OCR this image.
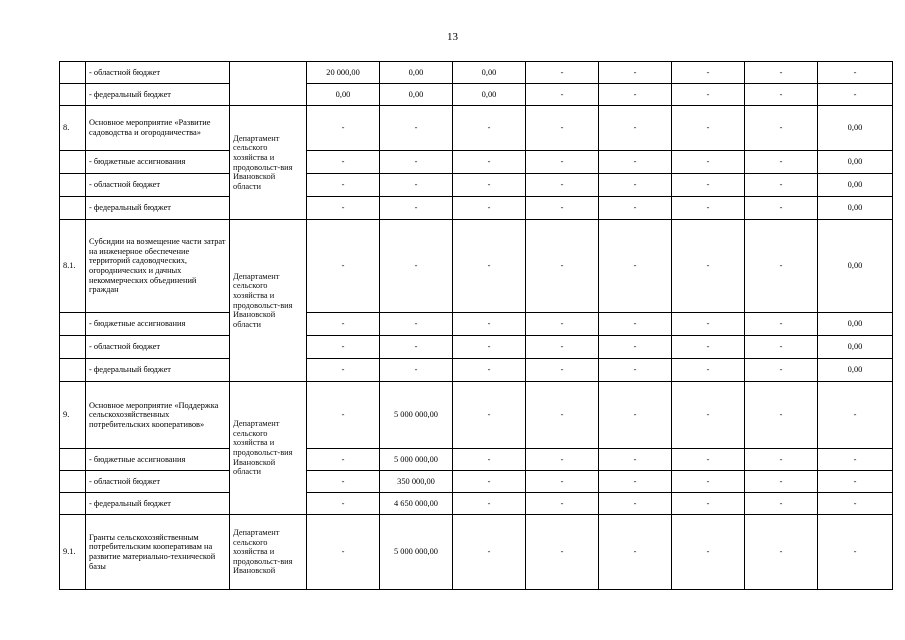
13
	- областной бюджет		20 000,00	0,00	0,00	-	-	-	-	-
	- федеральный бюджет		0,00	0,00	0,00	-	-	-	-	-
8.	Основное мероприятие «Развитие садоводства и огородничества»	Департамент сельского хозяйства и продовольст-вия Ивановской области	-	-	-	-	-	-	-	0,00
	- бюджетные ассигнования		-	-	-	-	-	-	-	0,00
	- областной бюджет		-	-	-	-	-	-	-	0,00
	- федеральный бюджет		-	-	-	-	-	-	-	0,00
8.1.	Субсидии на возмещение части затрат на инженерное обеспечение территорий садоводческих, огороднических и дачных некоммерческих объединений граждан	Департамент сельского хозяйства и продовольст-вия Ивановской области	-	-	-	-	-	-	-	0,00
	- бюджетные ассигнования		-	-	-	-	-	-	-	0,00
	- областной бюджет		-	-	-	-	-	-	-	0,00
	- федеральный бюджет		-	-	-	-	-	-	-	0,00
9.	Основное мероприятие «Поддержка сельскохозяйственных потребительских кооперативов»	Департамент сельского хозяйства и продовольст-вия Ивановской области	-	5 000 000,00	-	-	-	-	-	-
	- бюджетные ассигнования		-	5 000 000,00	-	-	-	-	-	-
	- областной бюджет		-	350 000,00	-	-	-	-	-	-
	- федеральный бюджет		-	4 650 000,00	-	-	-	-	-	-
9.1.	Гранты сельскохозяйственным потребительским кооперативам на развитие материально-технической базы	Департамент сельского хозяйства и продовольст-вия Ивановской	-	5 000 000,00	-	-	-	-	-	-
